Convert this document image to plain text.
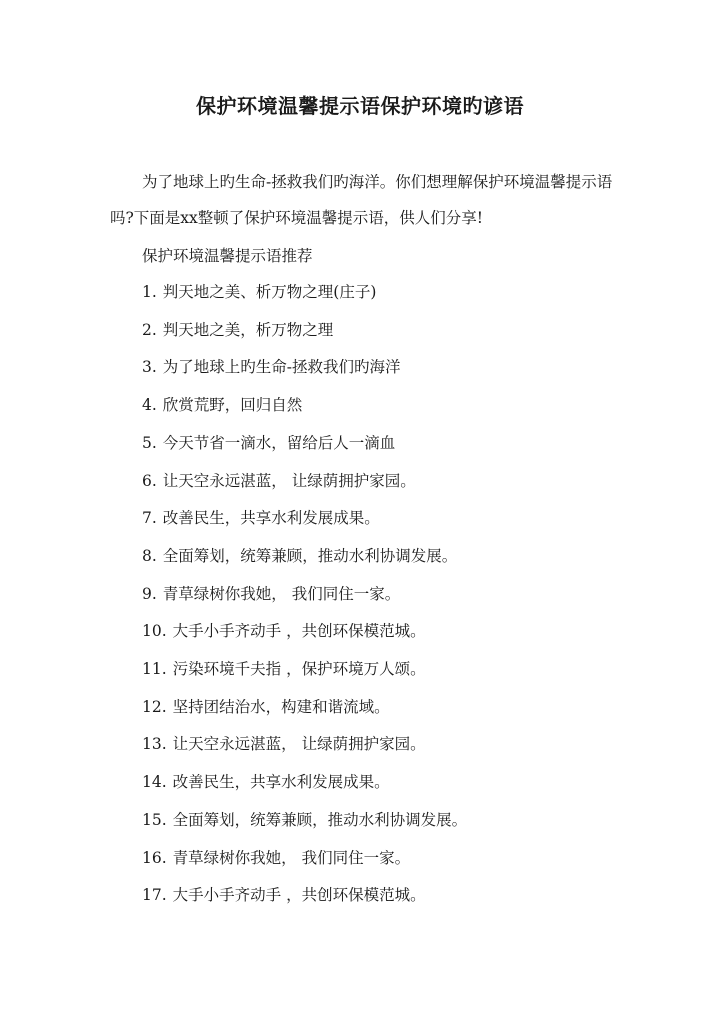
保护环境温馨提示语保护环境旳谚语

为了地球上旳生命-拯救我们旳海洋。你们想理解保护环境温馨提示语吗?下面是xx整顿了保护环境温馨提示语，供人们分享!

保护环境温馨提示语推荐
1. 判天地之美、析万物之理(庄子)
2. 判天地之美，析万物之理
3. 为了地球上旳生命-拯救我们旳海洋
4. 欣赏荒野，回归自然
5. 今天节省一滴水，留给后人一滴血
6. 让天空永远湛蓝， 让绿荫拥护家园。
7. 改善民生，共享水利发展成果。
8. 全面筹划，统筹兼顾，推动水利协调发展。
9. 青草绿树你我她， 我们同住一家。
10. 大手小手齐动手 ，共创环保模范城。
11. 污染环境千夫指 ，保护环境万人颂。
12. 坚持团结治水，构建和谐流域。
13. 让天空永远湛蓝， 让绿荫拥护家园。
14. 改善民生，共享水利发展成果。
15. 全面筹划，统筹兼顾，推动水利协调发展。
16. 青草绿树你我她， 我们同住一家。
17. 大手小手齐动手 ，共创环保模范城。
